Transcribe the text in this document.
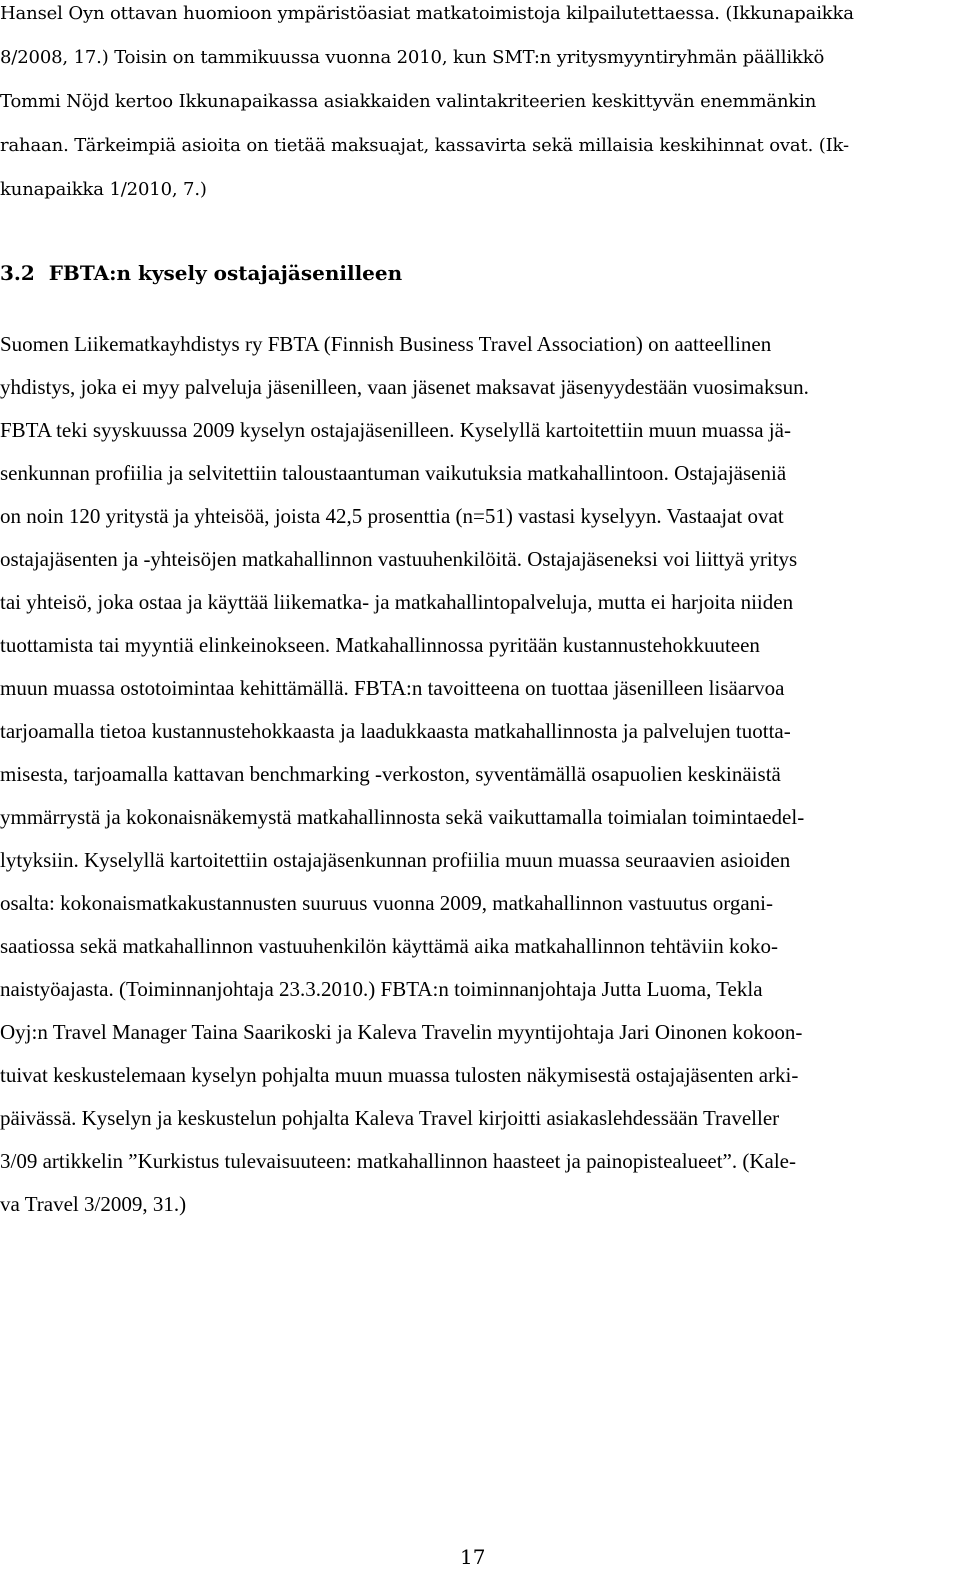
Hansel Oyn ottavan huomioon ympäristöasiat matkatoimistoja kilpailutettaessa. (Ikkunapaikka
8/2008, 17.) Toisin on tammikuussa vuonna 2010, kun SMT:n yritysmyyntiryhmän päällikkö
Tommi Nöjd kertoo Ikkunapaikassa asiakkaiden valintakriteerien keskittyvän enemmänkin
rahaan. Tärkeimpiä asioita on tietää maksuajat, kassavirta sekä millaisia keskihinnat ovat. (Ik-
kunapaikka 1/2010, 7.)
3.2  FBTA:n kysely ostajajäsenilleen
Suomen Liikematkayhdistys ry FBTA (Finnish Business Travel Association) on aatteellinen
yhdistys, joka ei myy palveluja jäsenilleen, vaan jäsenet maksavat jäsenyydestään vuosimaksun.
FBTA teki syyskuussa 2009 kyselyn ostajajäsenilleen. Kyselyllä kartoitettiin muun muassa jä-
senkunnan profiilia ja selvitettiin taloustaantuman vaikutuksia matkahallintoon. Ostajajäseniä
on noin 120 yritystä ja yhteisöä, joista 42,5 prosenttia (n=51) vastasi kyselyyn. Vastaajat ovat
ostajajäsenten ja -yhteisöjen matkahallinnon vastuuhenkilöitä. Ostajajäseneksi voi liittyä yritys
tai yhteisö, joka ostaa ja käyttää liikematka- ja matkahallintopalveluja, mutta ei harjoita niiden
tuottamista tai myyntiä elinkeinokseen. Matkahallinnossa pyritään kustannustehokkuuteen
muun muassa ostotoimintaa kehittämällä. FBTA:n tavoitteena on tuottaa jäsenilleen lisäarvoa
tarjoamalla tietoa kustannustehokkaasta ja laadukkaasta matkahallinnosta ja palvelujen tuotta-
misesta, tarjoamalla kattavan benchmarking -verkoston, syventämällä osapuolien keskinäistä
ymmärrystä ja kokonaisnäkemystä matkahallinnosta sekä vaikuttamalla toimialan toimintaedel-
lytyksiin. Kyselyllä kartoitettiin ostajajäsenkunnan profiilia muun muassa seuraavien asioiden
osalta: kokonaismatkakustannusten suuruus vuonna 2009, matkahallinnon vastuutus organi-
saatiossa sekä matkahallinnon vastuuhenkilön käyttämä aika matkahallinnon tehtäviin koko-
naistyöajasta. (Toiminnanjohtaja 23.3.2010.) FBTA:n toiminnanjohtaja Jutta Luoma, Tekla
Oyj:n Travel Manager Taina Saarikoski ja Kaleva Travelin myyntijohtaja Jari Oinonen kokoon-
tuivat keskustelemaan kyselyn pohjalta muun muassa tulosten näkymisestä ostajajäsenten arki-
päivässä. Kyselyn ja keskustelun pohjalta Kaleva Travel kirjoitti asiakaslehdessään Traveller
3/09 artikkelin ”Kurkistus tulevaisuuteen: matkahallinnon haasteet ja painopistealueet”. (Kale-
va Travel 3/2009, 31.)
17
